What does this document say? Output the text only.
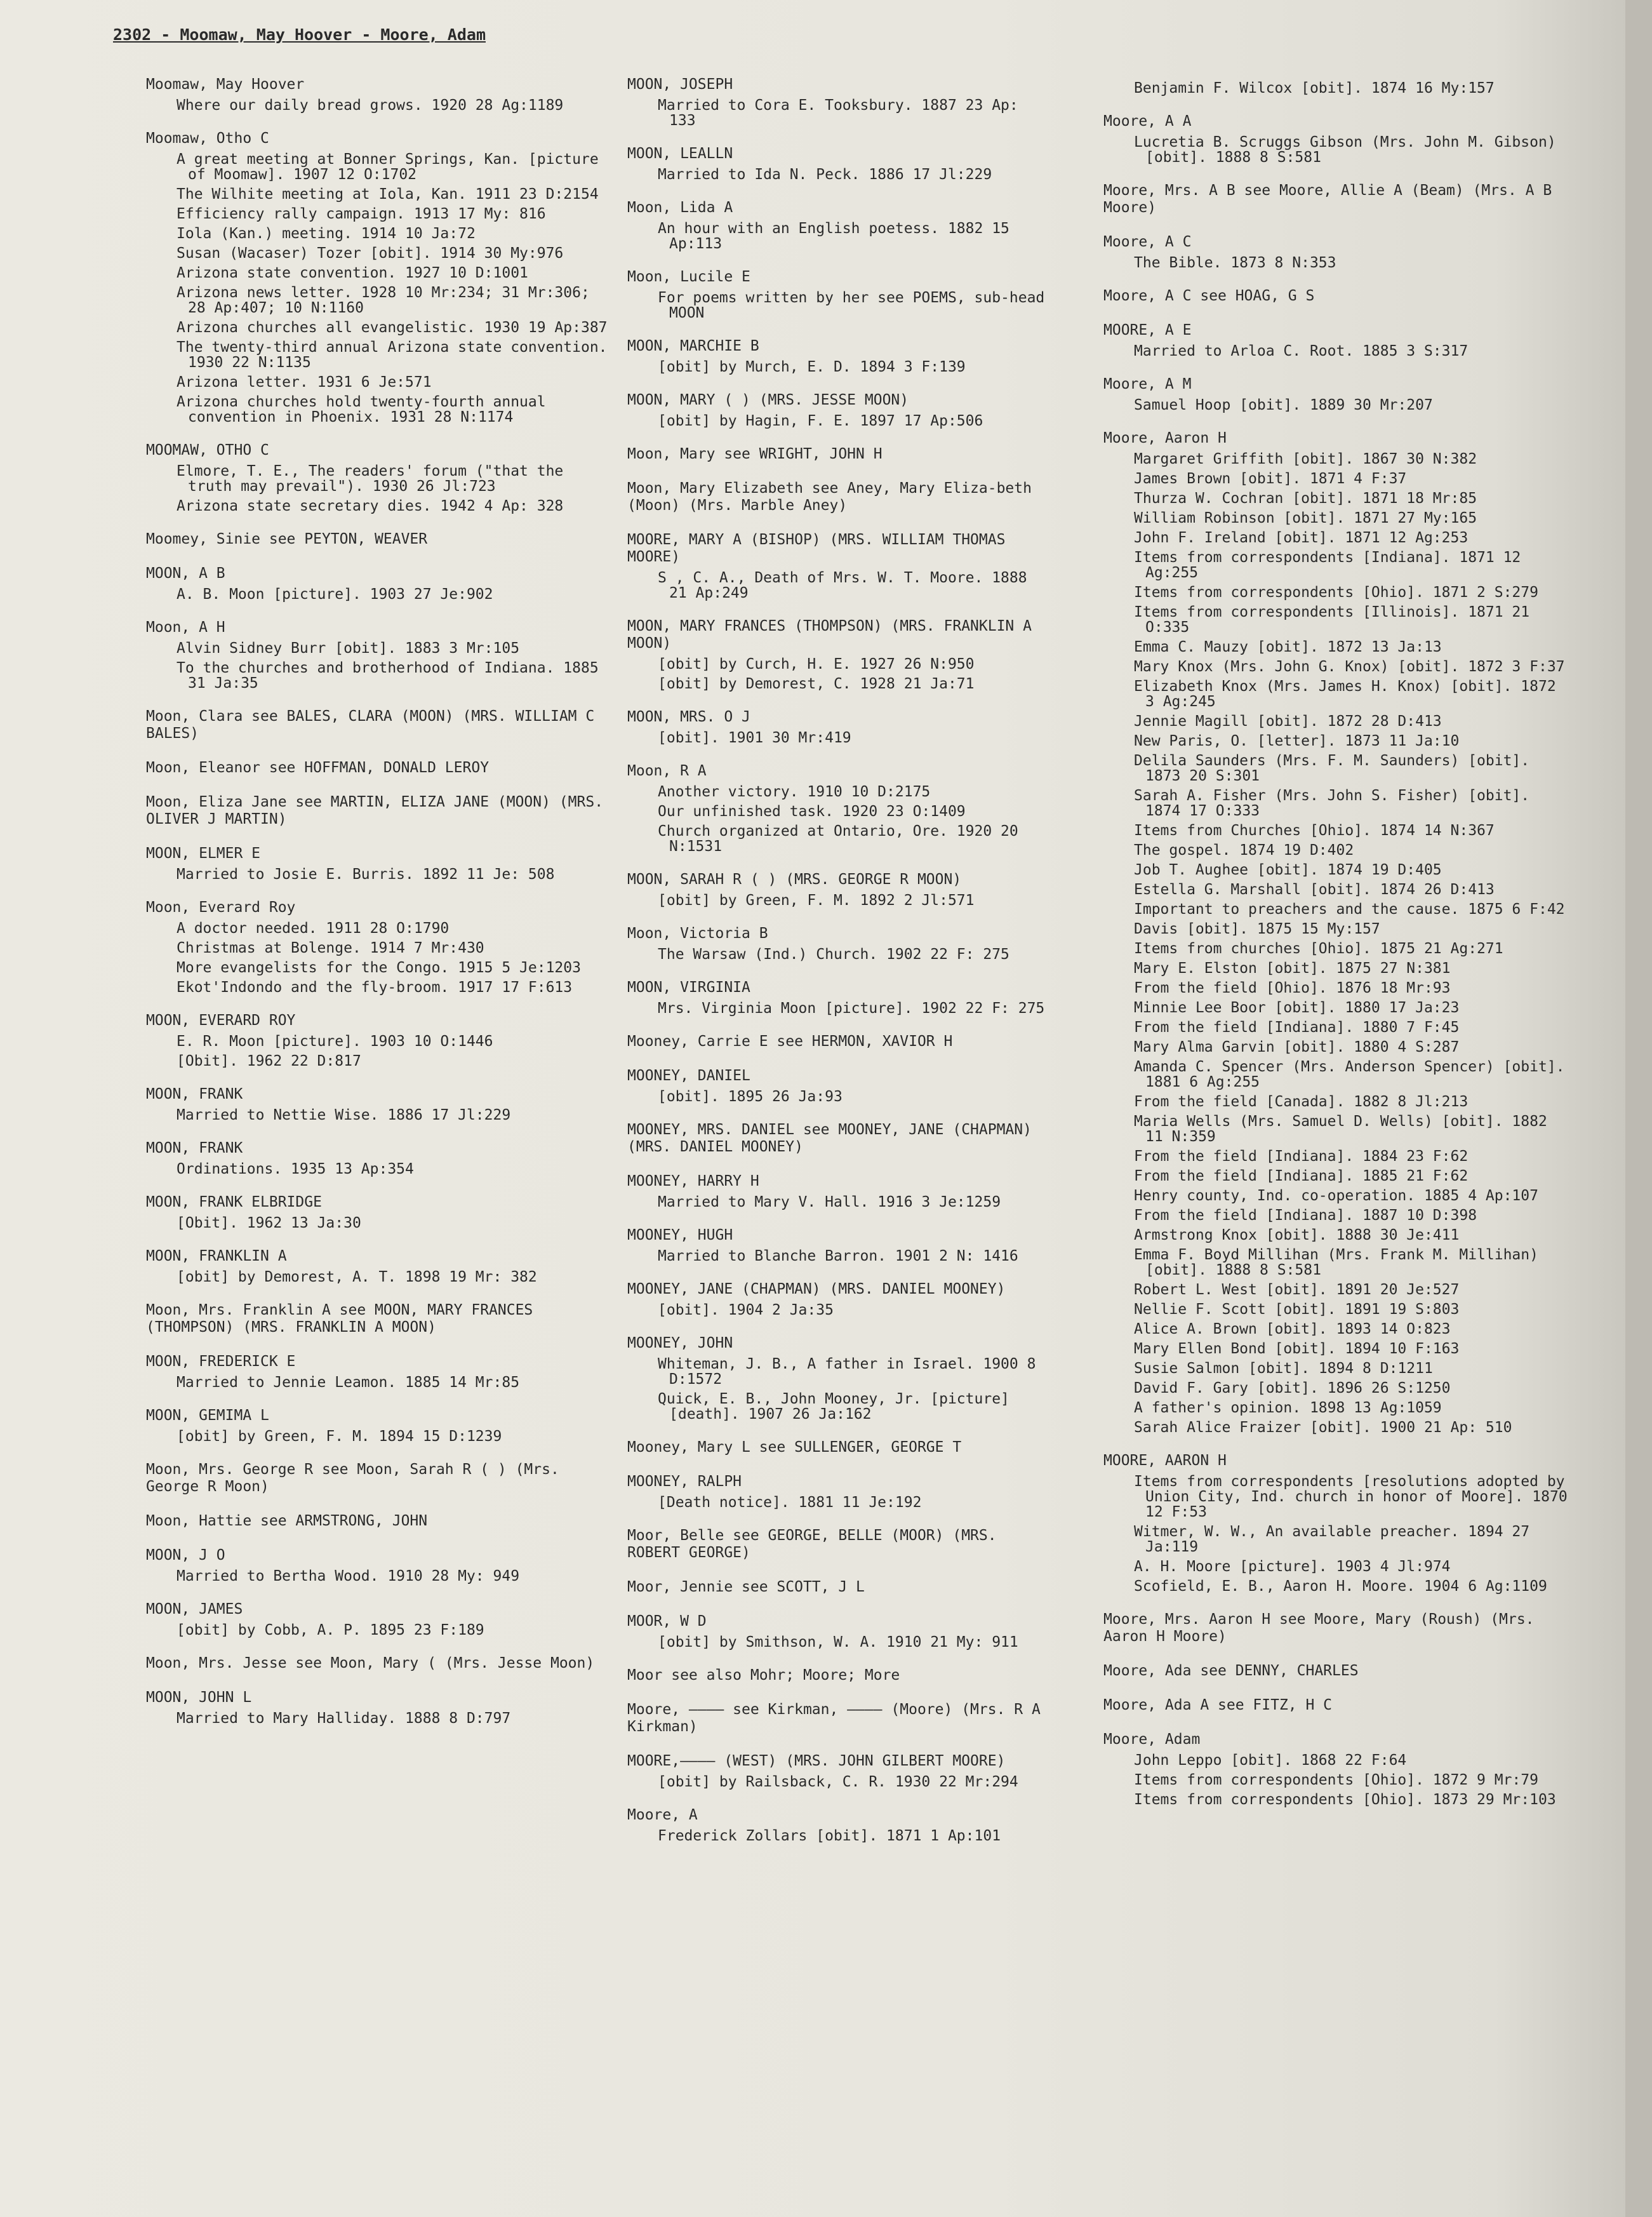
2302 - Moomaw, May Hoover - Moore, Adam
Moomaw, May Hoover
Where our daily bread grows. 1920 28 Ag:1189
Moomaw, Otho C
A great meeting at Bonner Springs, Kan. [picture of Moomaw]. 1907 12 O:1702
The Wilhite meeting at Iola, Kan. 1911 23 D:2154
Efficiency rally campaign. 1913 17 My: 816
Iola (Kan.) meeting. 1914 10 Ja:72
Susan (Wacaser) Tozer [obit]. 1914 30 My:976
Arizona state convention. 1927 10 D:1001
Arizona news letter. 1928 10 Mr:234; 31 Mr:306; 28 Ap:407; 10 N:1160
Arizona churches all evangelistic. 1930 19 Ap:387
The twenty-third annual Arizona state convention. 1930 22 N:1135
Arizona letter. 1931 6 Je:571
Arizona churches hold twenty-fourth annual convention in Phoenix. 1931 28 N:1174
MOOMAW, OTHO C
Elmore, T. E., The readers' forum ("that the truth may prevail"). 1930 26 Jl:723
Arizona state secretary dies. 1942 4 Ap: 328
Moomey, Sinie see PEYTON, WEAVER
MOON, A B
A. B. Moon [picture]. 1903 27 Je:902
Moon, A H
Alvin Sidney Burr [obit]. 1883 3 Mr:105
To the churches and brotherhood of Indiana. 1885 31 Ja:35
Moon, Clara see BALES, CLARA (MOON) (MRS. WILLIAM C BALES)
Moon, Eleanor see HOFFMAN, DONALD LEROY
Moon, Eliza Jane see MARTIN, ELIZA JANE (MOON) (MRS. OLIVER J MARTIN)
MOON, ELMER E
Married to Josie E. Burris. 1892 11 Je: 508
Moon, Everard Roy
A doctor needed. 1911 28 O:1790
Christmas at Bolenge. 1914 7 Mr:430
More evangelists for the Congo. 1915 5 Je:1203
Ekot'Indondo and the fly-broom. 1917 17 F:613
MOON, EVERARD ROY
E. R. Moon [picture]. 1903 10 O:1446
[Obit]. 1962 22 D:817
MOON, FRANK
Married to Nettie Wise. 1886 17 Jl:229
MOON, FRANK
Ordinations. 1935 13 Ap:354
MOON, FRANK ELBRIDGE
[Obit]. 1962 13 Ja:30
MOON, FRANKLIN A
[obit] by Demorest, A. T. 1898 19 Mr: 382
Moon, Mrs. Franklin A see MOON, MARY FRANCES (THOMPSON) (MRS. FRANKLIN A MOON)
MOON, FREDERICK E
Married to Jennie Leamon. 1885 14 Mr:85
MOON, GEMIMA L
[obit] by Green, F. M. 1894 15 D:1239
Moon, Mrs. George R see Moon, Sarah R ( ) (Mrs. George R Moon)
Moon, Hattie see ARMSTRONG, JOHN
MOON, J O
Married to Bertha Wood. 1910 28 My: 949
MOON, JAMES
[obit] by Cobb, A. P. 1895 23 F:189
Moon, Mrs. Jesse see Moon, Mary ( (Mrs. Jesse Moon)
MOON, JOHN L
Married to Mary Halliday. 1888 8 D:797
MOON, JOSEPH
Married to Cora E. Tooksbury. 1887 23 Ap: 133
MOON, LEALLN
Married to Ida N. Peck. 1886 17 Jl:229
Moon, Lida A
An hour with an English poetess. 1882 15 Ap:113
Moon, Lucile E
For poems written by her see POEMS, sub-head MOON
MOON, MARCHIE B
[obit] by Murch, E. D. 1894 3 F:139
MOON, MARY ( ) (MRS. JESSE MOON)
[obit] by Hagin, F. E. 1897 17 Ap:506
Moon, Mary see WRIGHT, JOHN H
Moon, Mary Elizabeth see Aney, Mary Eliza-beth (Moon) (Mrs. Marble Aney)
MOORE, MARY A (BISHOP) (MRS. WILLIAM THOMAS MOORE)
S , C. A., Death of Mrs. W. T. Moore. 1888 21 Ap:249
MOON, MARY FRANCES (THOMPSON) (MRS. FRANKLIN A MOON)
[obit] by Curch, H. E. 1927 26 N:950
[obit] by Demorest, C. 1928 21 Ja:71
MOON, MRS. O J
[obit]. 1901 30 Mr:419
Moon, R A
Another victory. 1910 10 D:2175
Our unfinished task. 1920 23 O:1409
Church organized at Ontario, Ore. 1920 20 N:1531
MOON, SARAH R ( ) (MRS. GEORGE R MOON)
[obit] by Green, F. M. 1892 2 Jl:571
Moon, Victoria B
The Warsaw (Ind.) Church. 1902 22 F: 275
MOON, VIRGINIA
Mrs. Virginia Moon [picture]. 1902 22 F: 275
Mooney, Carrie E see HERMON, XAVIOR H
MOONEY, DANIEL
[obit]. 1895 26 Ja:93
MOONEY, MRS. DANIEL see MOONEY, JANE (CHAPMAN) (MRS. DANIEL MOONEY)
MOONEY, HARRY H
Married to Mary V. Hall. 1916 3 Je:1259
MOONEY, HUGH
Married to Blanche Barron. 1901 2 N: 1416
MOONEY, JANE (CHAPMAN) (MRS. DANIEL MOONEY)
[obit]. 1904 2 Ja:35
MOONEY, JOHN
Whiteman, J. B., A father in Israel. 1900 8 D:1572
Quick, E. B., John Mooney, Jr. [picture] [death]. 1907 26 Ja:162
Mooney, Mary L see SULLENGER, GEORGE T
MOONEY, RALPH
[Death notice]. 1881 11 Je:192
Moor, Belle see GEORGE, BELLE (MOOR) (MRS. ROBERT GEORGE)
Moor, Jennie see SCOTT, J L
MOOR, W D
[obit] by Smithson, W. A. 1910 21 My: 911
Moor see also Mohr; Moore; More
Moore, ———— see Kirkman, ———— (Moore) (Mrs. R A Kirkman)
MOORE,———— (WEST) (MRS. JOHN GILBERT MOORE)
[obit] by Railsback, C. R. 1930 22 Mr:294
Moore, A
Frederick Zollars [obit]. 1871 1 Ap:101
Benjamin F. Wilcox [obit]. 1874 16 My:157
Moore, A A
Lucretia B. Scruggs Gibson (Mrs. John M. Gibson) [obit]. 1888 8 S:581
Moore, Mrs. A B see Moore, Allie A (Beam) (Mrs. A B Moore)
Moore, A C
The Bible. 1873 8 N:353
Moore, A C see HOAG, G S
MOORE, A E
Married to Arloa C. Root. 1885 3 S:317
Moore, A M
Samuel Hoop [obit]. 1889 30 Mr:207
Moore, Aaron H
Margaret Griffith [obit]. 1867 30 N:382
James Brown [obit]. 1871 4 F:37
Thurza W. Cochran [obit]. 1871 18 Mr:85
William Robinson [obit]. 1871 27 My:165
John F. Ireland [obit]. 1871 12 Ag:253
Items from correspondents [Indiana]. 1871 12 Ag:255
Items from correspondents [Ohio]. 1871 2 S:279
Items from correspondents [Illinois]. 1871 21 O:335
Emma C. Mauzy [obit]. 1872 13 Ja:13
Mary Knox (Mrs. John G. Knox) [obit]. 1872 3 F:37
Elizabeth Knox (Mrs. James H. Knox) [obit]. 1872 3 Ag:245
Jennie Magill [obit]. 1872 28 D:413
New Paris, O. [letter]. 1873 11 Ja:10
Delila Saunders (Mrs. F. M. Saunders) [obit]. 1873 20 S:301
Sarah A. Fisher (Mrs. John S. Fisher) [obit]. 1874 17 O:333
Items from Churches [Ohio]. 1874 14 N:367
The gospel. 1874 19 D:402
Job T. Aughee [obit]. 1874 19 D:405
Estella G. Marshall [obit]. 1874 26 D:413
Important to preachers and the cause. 1875 6 F:42
Davis [obit]. 1875 15 My:157
Items from churches [Ohio]. 1875 21 Ag:271
Mary E. Elston [obit]. 1875 27 N:381
From the field [Ohio]. 1876 18 Mr:93
Minnie Lee Boor [obit]. 1880 17 Ja:23
From the field [Indiana]. 1880 7 F:45
Mary Alma Garvin [obit]. 1880 4 S:287
Amanda C. Spencer (Mrs. Anderson Spencer) [obit]. 1881 6 Ag:255
From the field [Canada]. 1882 8 Jl:213
Maria Wells (Mrs. Samuel D. Wells) [obit]. 1882 11 N:359
From the field [Indiana]. 1884 23 F:62
From the field [Indiana]. 1885 21 F:62
Henry county, Ind. co-operation. 1885 4 Ap:107
From the field [Indiana]. 1887 10 D:398
Armstrong Knox [obit]. 1888 30 Je:411
Emma F. Boyd Millihan (Mrs. Frank M. Millihan) [obit]. 1888 8 S:581
Robert L. West [obit]. 1891 20 Je:527
Nellie F. Scott [obit]. 1891 19 S:803
Alice A. Brown [obit]. 1893 14 O:823
Mary Ellen Bond [obit]. 1894 10 F:163
Susie Salmon [obit]. 1894 8 D:1211
David F. Gary [obit]. 1896 26 S:1250
A father's opinion. 1898 13 Ag:1059
Sarah Alice Fraizer [obit]. 1900 21 Ap: 510
MOORE, AARON H
Items from correspondents [resolutions adopted by Union City, Ind. church in honor of Moore]. 1870 12 F:53
Witmer, W. W., An available preacher. 1894 27 Ja:119
A. H. Moore [picture]. 1903 4 Jl:974
Scofield, E. B., Aaron H. Moore. 1904 6 Ag:1109
Moore, Mrs. Aaron H see Moore, Mary (Roush) (Mrs. Aaron H Moore)
Moore, Ada see DENNY, CHARLES
Moore, Ada A see FITZ, H C
Moore, Adam
John Leppo [obit]. 1868 22 F:64
Items from correspondents [Ohio]. 1872 9 Mr:79
Items from correspondents [Ohio]. 1873 29 Mr:103
